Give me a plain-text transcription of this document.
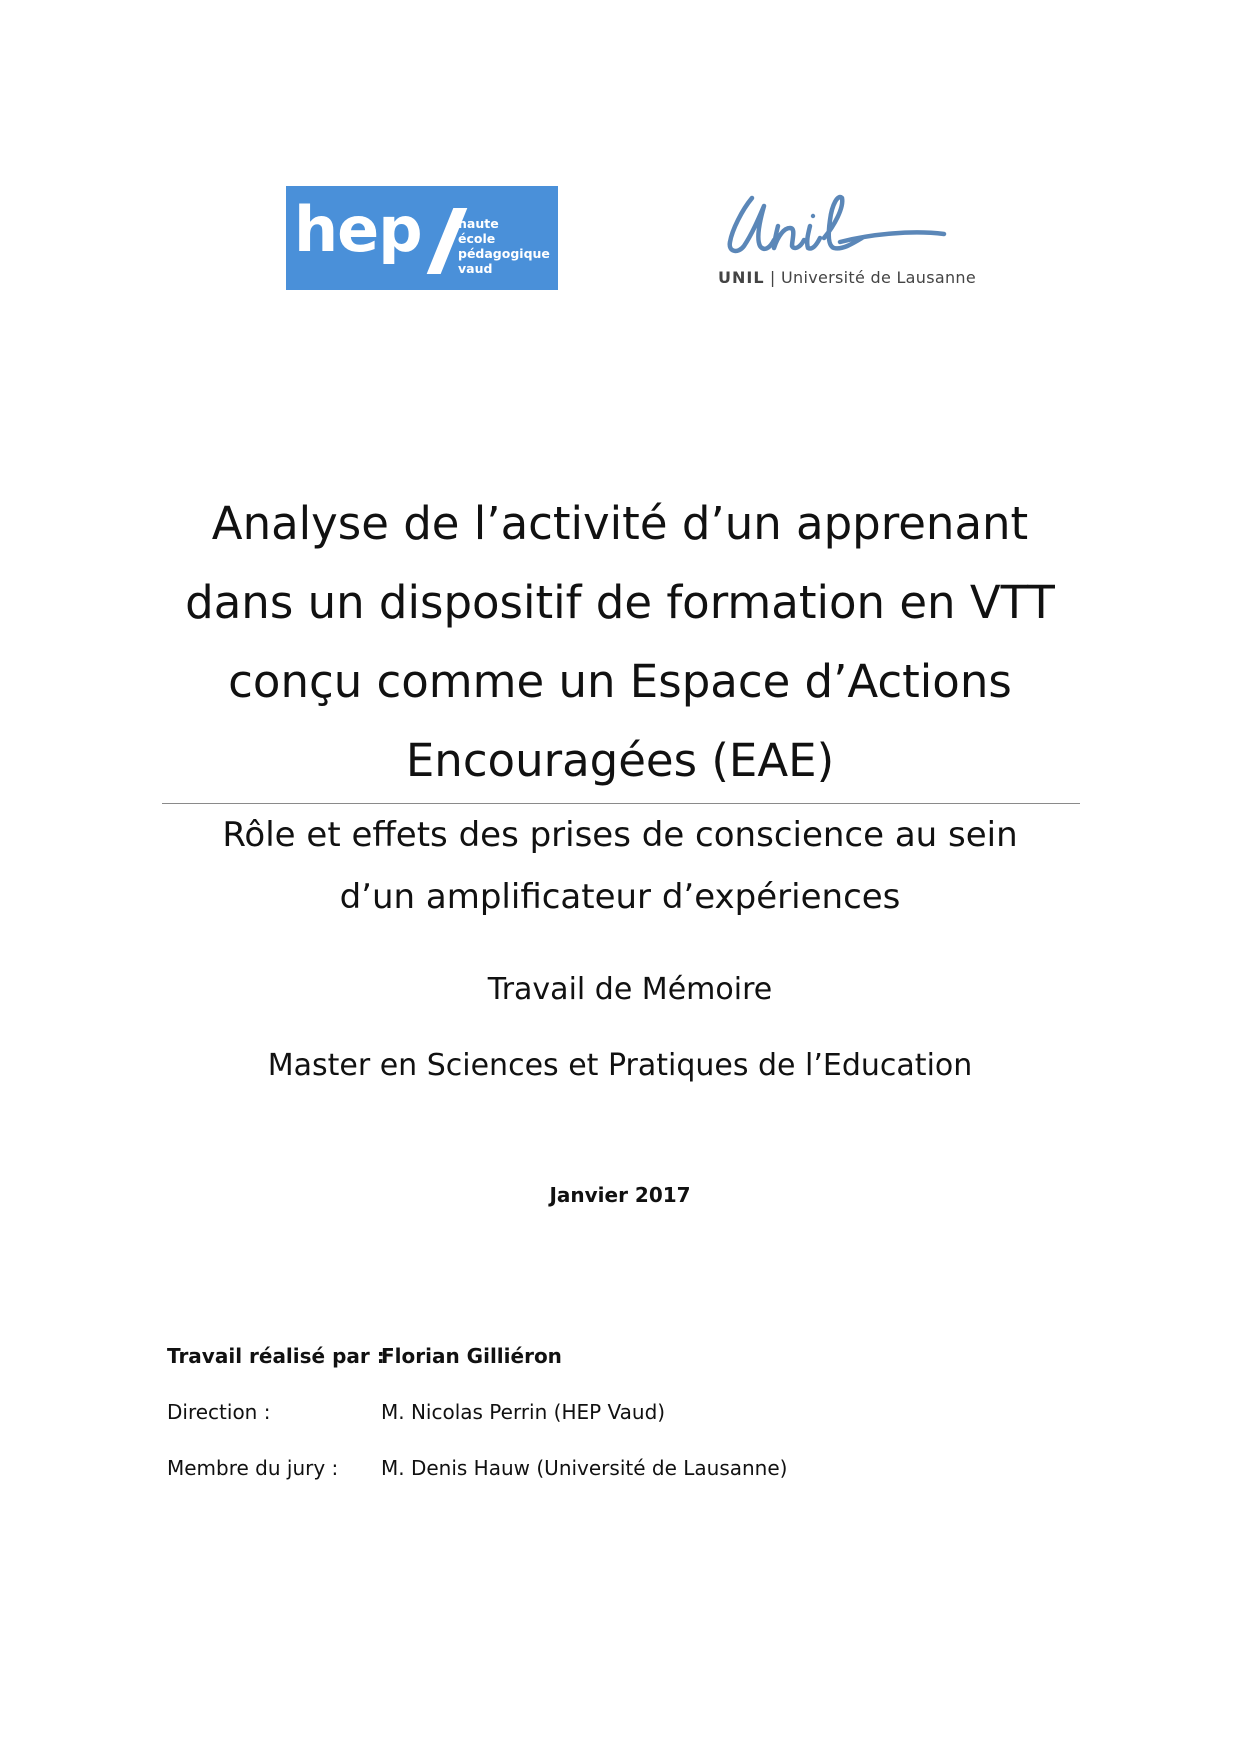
hep	haute
école
pédagogique
vaud	UNIL | Université de Lausanne
Analyse de l’activité d’un apprenant
dans un dispositif de formation en VTT
conçu comme un Espace d’Actions
Encouragées (EAE)
Rôle et effets des prises de conscience au sein
d’un amplificateur d’expériences
Travail de Mémoire
Master en Sciences et Pratiques de l’Education
Janvier 2017
Travail réalisé par :
Florian Gilliéron
Direction :	M. Nicolas Perrin (HEP Vaud)
Membre du jury : M. Denis Hauw (Université de Lausanne)
